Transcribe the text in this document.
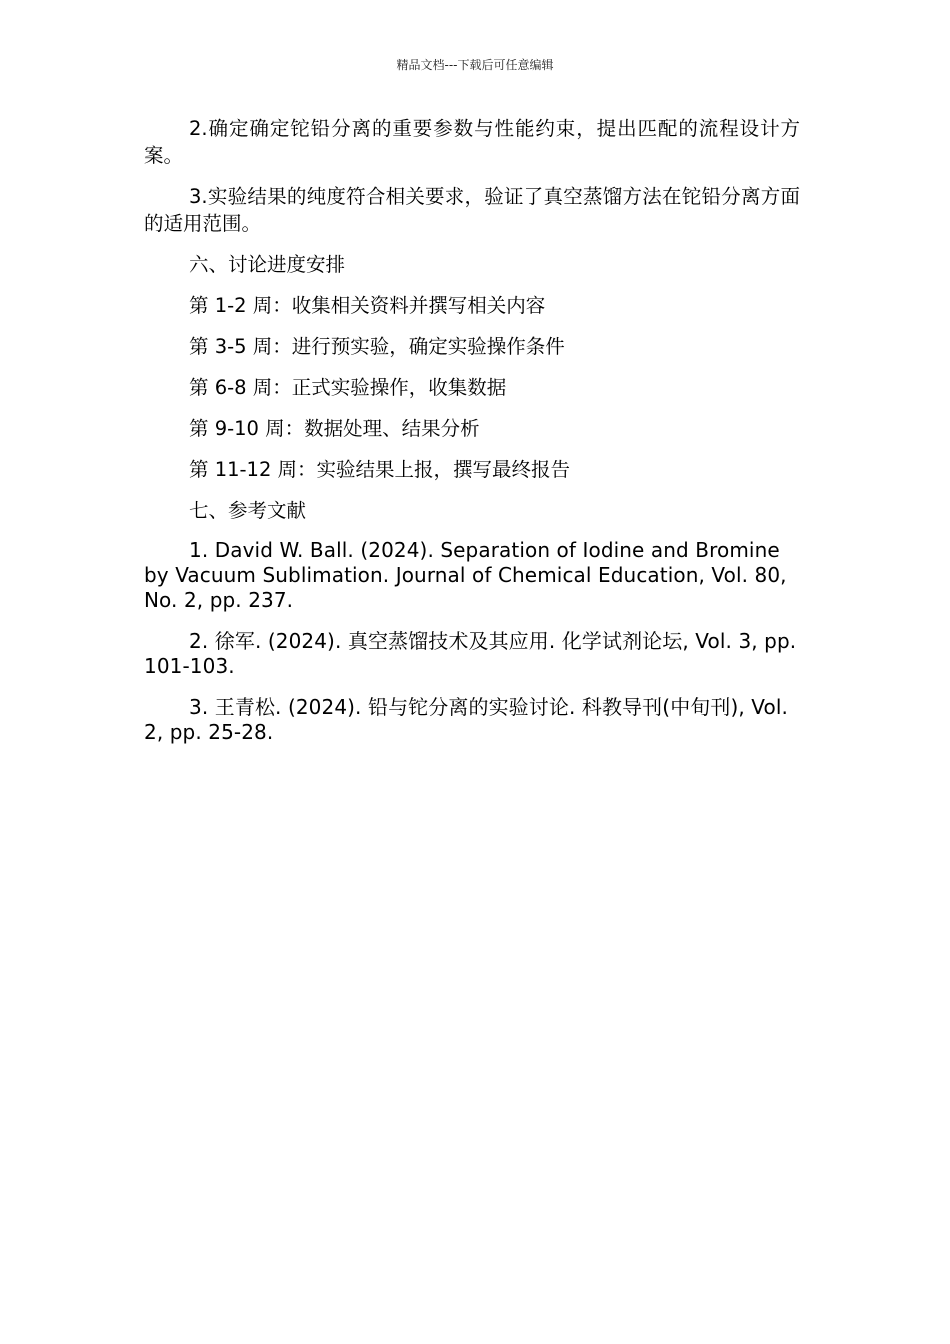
精品文档---下载后可任意编辑

2.确定确定铊铅分离的重要参数与性能约束，提出匹配的流程设计方案。

3.实验结果的纯度符合相关要求，验证了真空蒸馏方法在铊铅分离方面的适用范围。

六、讨论进度安排

第 1-2 周：收集相关资料并撰写相关内容

第 3-5 周：进行预实验，确定实验操作条件

第 6-8 周：正式实验操作，收集数据

第 9-10 周：数据处理、结果分析

第 11-12 周：实验结果上报，撰写最终报告

七、参考文献

1. David W. Ball. (2024). Separation of Iodine and Bromine by Vacuum Sublimation. Journal of Chemical Education, Vol. 80, No. 2, pp. 237.

2. 徐军. (2024). 真空蒸馏技术及其应用. 化学试剂论坛, Vol. 3, pp. 101-103.

3. 王青松. (2024). 铅与铊分离的实验讨论. 科教导刊(中旬刊), Vol. 2, pp. 25-28.
